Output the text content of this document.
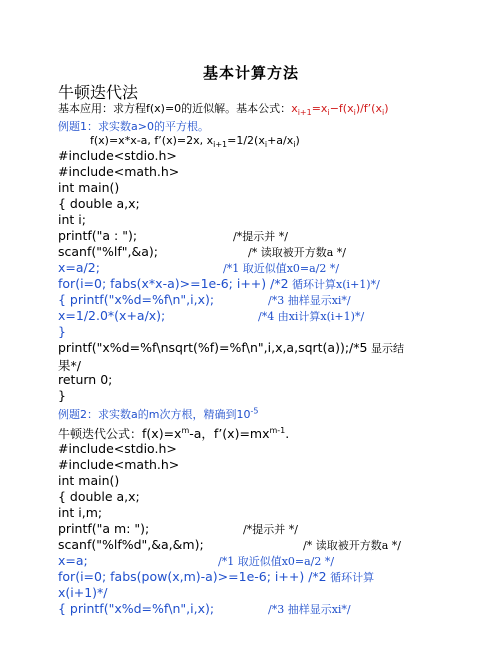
基本计算方法
牛顿迭代法
基本应用：求方程f(x)=0的近似解。基本公式：$x_{i+1}=x_i-f(x_i)/f’(x_i)$
例题1：求实数a>0的平方根。
f(x)=x*x-a, f’(x)=2x, $x_{i+1}=1/2(x_i+a/x_i)$
#include<stdio.h>
#include<math.h>
int main()
{ double a,x;
int i;
printf("a : ");	/*提示并 */
scanf("%lf",&a);	/* 读取被开方数a */
x=a/2;	/*1 取近似值x0=a/2 */
for(i=0; fabs(x*x-a)>=1e-6; i++) /*2 循环计算x(i+1)*/
{ printf("x%d=%f\n",i,x);	/*3 抽样显示xi*/
x=1/2.0*(x+a/x);	/*4 由xi计算x(i+1)*/
}
printf("x%d=%f\nsqrt(%f)=%f\n",i,x,a,sqrt(a));/*5 显示结
果*/
return 0;
}
例题2：求实数a的m次方根，精确到$10^{-5}$
牛顿迭代公式：$f(x)=x^m-a$，$f’(x)=mx^{m-1}$.
#include<stdio.h>
#include<math.h>
int main()
{ double a,x;
int i,m;
printf("a m: ");	/*提示并 */
scanf("%lf%d",&a,&m);	/* 读取被开方数a */
x=a;	/*1 取近似值x0=a/2 */
for(i=0; fabs(pow(x,m)-a)>=1e-6; i++) /*2 循环计算
x(i+1)*/
{ printf("x%d=%f\n",i,x);	/*3 抽样显示xi*/
